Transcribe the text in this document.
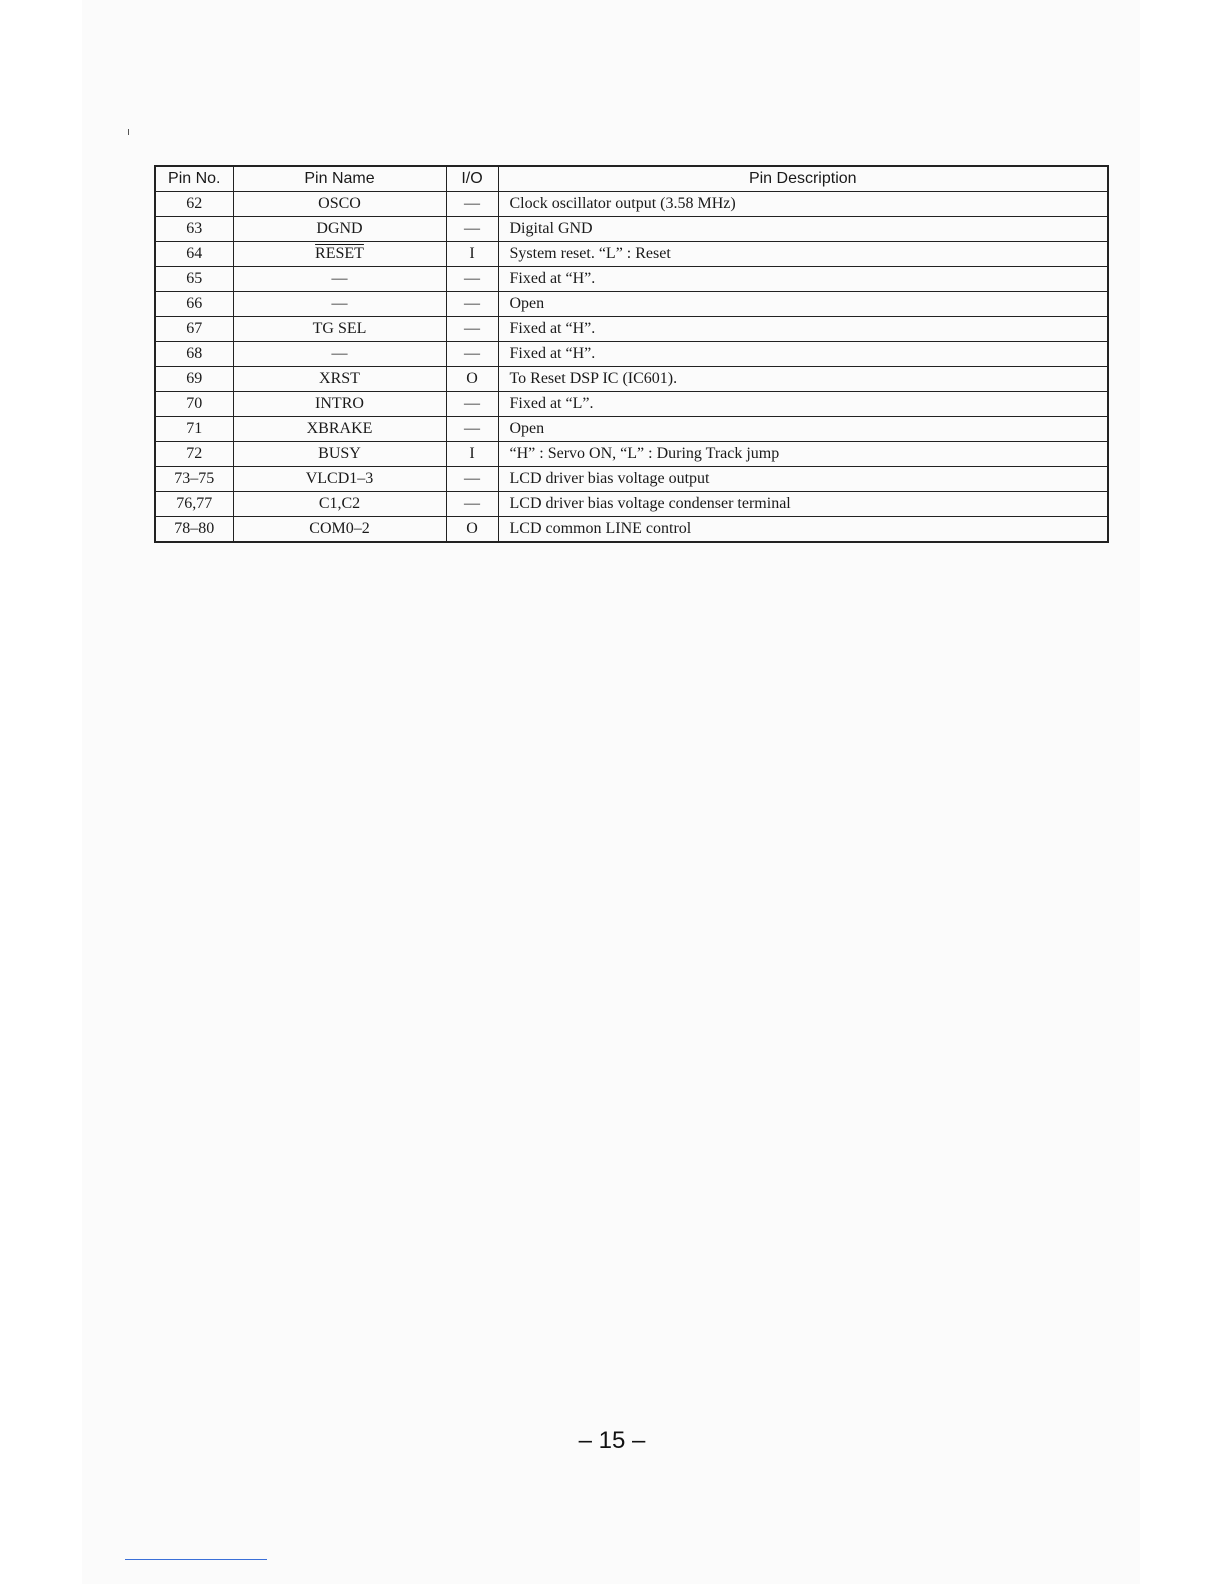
Pin No.	Pin Name	I/O	Pin Description
62	OSCO	—	Clock oscillator output (3.58 MHz)
63	DGND	—	Digital GND
64	RESET	I	System reset. “L” : Reset
65	—	—	Fixed at “H”.
66	—	—	Open
67	TG SEL	—	Fixed at “H”.
68	—	—	Fixed at “H”.
69	XRST	O	To Reset DSP IC (IC601).
70	INTRO	—	Fixed at “L”.
71	XBRAKE	—	Open
72	BUSY	I	“H” : Servo ON, “L” : During Track jump
73–75	VLCD1–3	—	LCD driver bias voltage output
76,77	C1,C2	—	LCD driver bias voltage condenser terminal
78–80	COM0–2	O	LCD common LINE control
– 15 –
